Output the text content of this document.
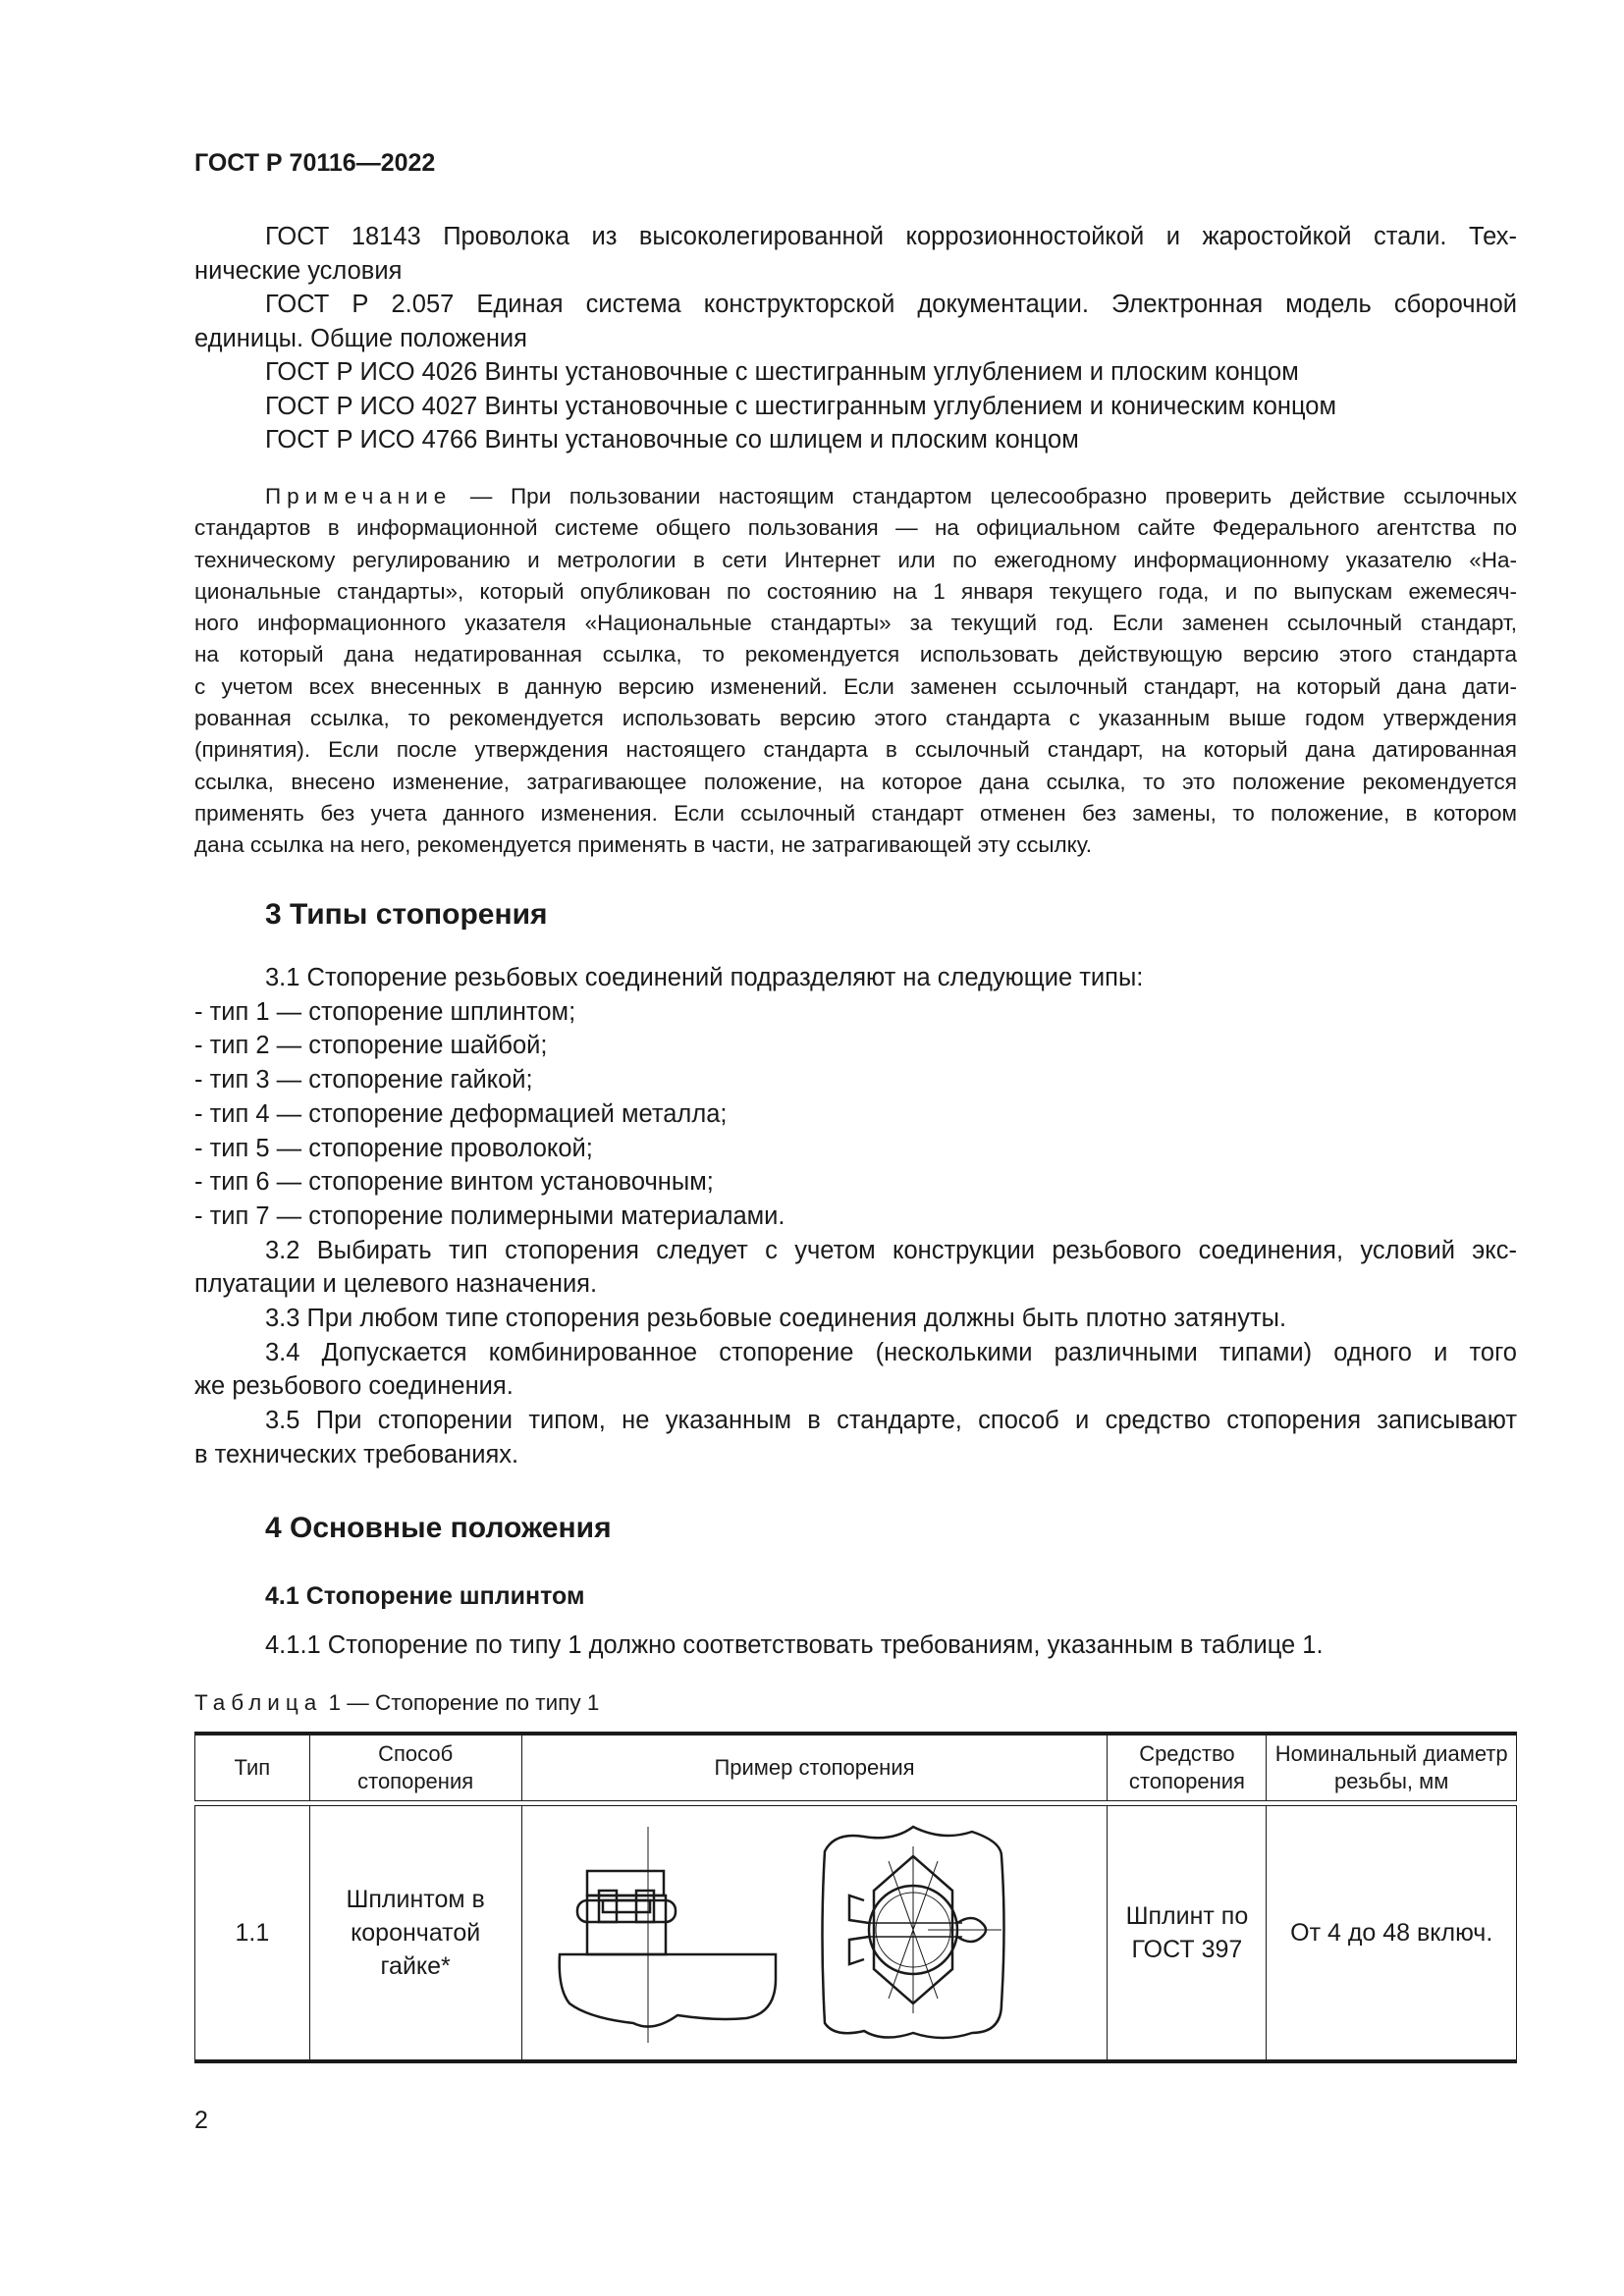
ГОСТ Р 70116—2022
ГОСТ 18143 Проволока из высоколегированной коррозионностойкой и жаростойкой стали. Тех-
нические условия
ГОСТ Р 2.057 Единая система конструкторской документации. Электронная модель сборочной
единицы. Общие положения
ГОСТ Р ИСО 4026 Винты установочные с шестигранным углублением и плоским концом
ГОСТ Р ИСО 4027 Винты установочные с шестигранным углублением и коническим концом
ГОСТ Р ИСО 4766 Винты установочные со шлицем и плоским концом
Примечание — При пользовании настоящим стандартом целесообразно проверить действие ссылочных
стандартов в информационной системе общего пользования — на официальном сайте Федерального агентства по
техническому регулированию и метрологии в сети Интернет или по ежегодному информационному указателю «На-
циональные стандарты», который опубликован по состоянию на 1 января текущего года, и по выпускам ежемесяч-
ного информационного указателя «Национальные стандарты» за текущий год. Если заменен ссылочный стандарт,
на который дана недатированная ссылка, то рекомендуется использовать действующую версию этого стандарта
с учетом всех внесенных в данную версию изменений. Если заменен ссылочный стандарт, на который дана дати-
рованная ссылка, то рекомендуется использовать версию этого стандарта с указанным выше годом утверждения
(принятия). Если после утверждения настоящего стандарта в ссылочный стандарт, на который дана датированная
ссылка, внесено изменение, затрагивающее положение, на которое дана ссылка, то это положение рекомендуется
применять без учета данного изменения. Если ссылочный стандарт отменен без замены, то положение, в котором
дана ссылка на него, рекомендуется применять в части, не затрагивающей эту ссылку.
3 Типы стопорения
3.1 Стопорение резьбовых соединений подразделяют на следующие типы:
- тип 1 — стопорение шплинтом;
- тип 2 — стопорение шайбой;
- тип 3 — стопорение гайкой;
- тип 4 — стопорение деформацией металла;
- тип 5 — стопорение проволокой;
- тип 6 — стопорение винтом установочным;
- тип 7 — стопорение полимерными материалами.
3.2 Выбирать тип стопорения следует с учетом конструкции резьбового соединения, условий экс-
плуатации и целевого назначения.
3.3 При любом типе стопорения резьбовые соединения должны быть плотно затянуты.
3.4 Допускается комбинированное стопорение (несколькими различными типами) одного и того
же резьбового соединения.
3.5 При стопорении типом, не указанным в стандарте, способ и средство стопорения записывают
в технических требованиях.
4 Основные положения
4.1 Стопорение шплинтом
4.1.1 Стопорение по типу 1 должно соответствовать требованиям, указанным в таблице 1.
Таблица 1 — Стопорение по типу 1
Тип	Способ стопорения	Пример стопорения	Средство стопорения	Номинальный диаметр резьбы, мм

1.1	Шплинтом в корончатой гайке*		Шплинт по ГОСТ 397	От 4 до 48 включ.
2
